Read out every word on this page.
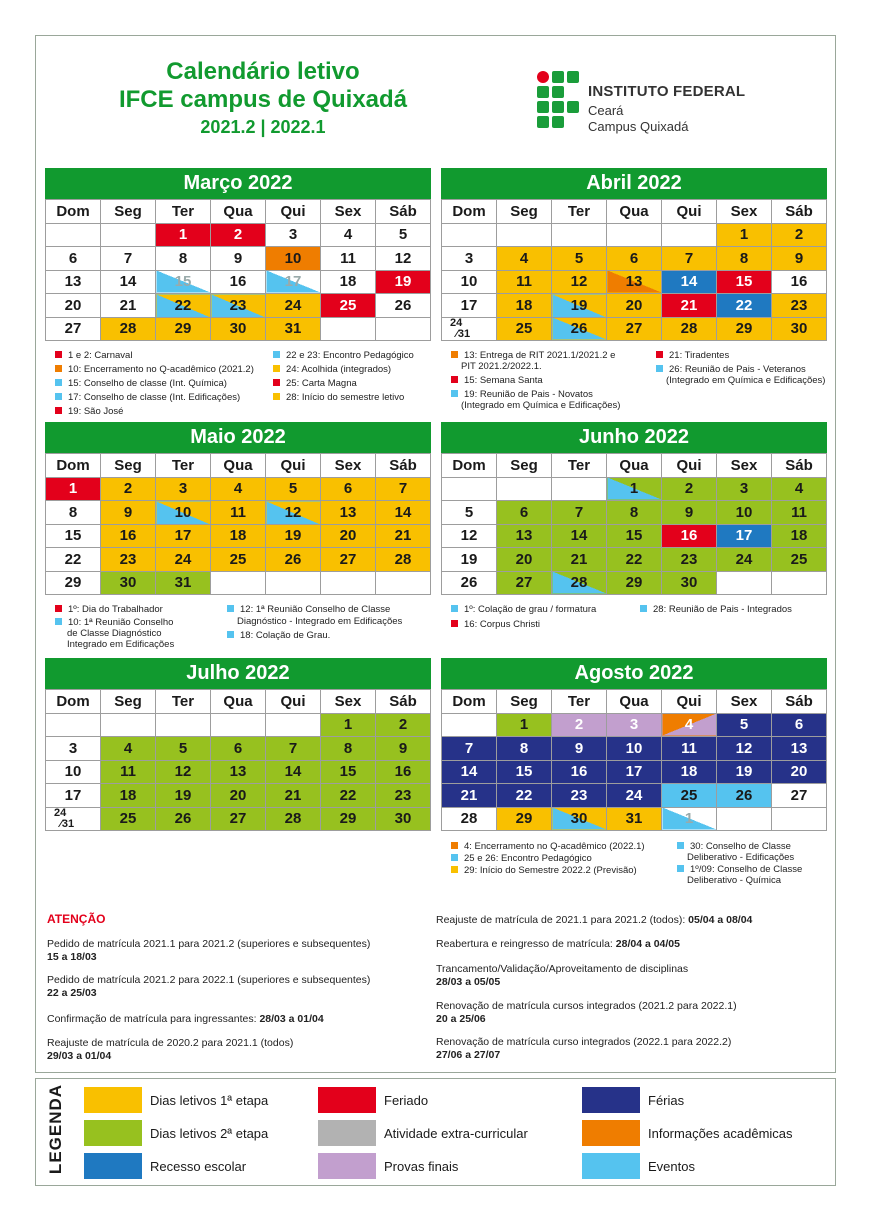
Calendário letivo
IFCE campus de Quixadá
2021.2 | 2022.1
INSTITUTO FEDERAL
Ceará
Campus Quixadá
Março 2022
Dom	Seg	Ter	Qua	Qui	Sex	Sáb
		1	2	3	4	5
6	7	8	9	10	11	12
13	14	15	16	17	18	19
20	21	22	23	24	25	26
27	28	29	30	31		
Abril 2022
Dom	Seg	Ter	Qua	Qui	Sex	Sáb
					1	2
3	4	5	6	7	8	9
10	11	12	13	14	15	16
17	18	19	20	21	22	23

24
⁄31	25	26	27	28	29	30
Maio 2022
Dom	Seg	Ter	Qua	Qui	Sex	Sáb
1	2	3	4	5	6	7
8	9	10	11	12	13	14
15	16	17	18	19	20	21
22	23	24	25	26	27	28
29	30	31				
Junho 2022
Dom	Seg	Ter	Qua	Qui	Sex	Sáb
			1	2	3	4
5	6	7	8	9	10	11
12	13	14	15	16	17	18
19	20	21	22	23	24	25
26	27	28	29	30		
Julho 2022
Dom	Seg	Ter	Qua	Qui	Sex	Sáb
					1	2
3	4	5	6	7	8	9
10	11	12	13	14	15	16
17	18	19	20	21	22	23

24
⁄31	25	26	27	28	29	30
Agosto 2022
Dom	Seg	Ter	Qua	Qui	Sex	Sáb
	1	2	3	4	5	6
7	8	9	10	11	12	13
14	15	16	17	18	19	20
21	22	23	24	25	26	27
28	29	30	31	1		
1 e 2: Carnaval
10: Encerramento no Q-acadêmico (2021.2)
15: Conselho de classe (Int. Química)
17: Conselho de classe (Int. Edificações)
19: São José
22 e 23: Encontro Pedagógico
24: Acolhida (integrados)
25: Carta Magna
28: Início do semestre letivo
13: Entrega de RIT 2021.1/2021.2 e
PIT 2021.2/2022.1.
15: Semana Santa
19: Reunião de Pais - Novatos
(Integrado em Química e Edificações)
21: Tiradentes
26: Reunião de Pais - Veteranos
(Integrado em Química e Edificações)
1º: Dia do Trabalhador
10: 1ª Reunião Conselho
de Classe Diagnóstico
Integrado em Edificações
12: 1ª Reunião Conselho de Classe
Diagnóstico - Integrado em Edificações
18: Colação de Grau.
1º: Colação de grau / formatura
16: Corpus Christi
28: Reunião de Pais - Integrados
4: Encerramento no Q-acadêmico (2022.1)
25 e 26: Encontro Pedagógico
29: Início do Semestre 2022.2 (Previsão)
30: Conselho de Classe
Deliberativo - Edificações
1º/09: Conselho de Classe
Deliberativo - Química
ATENÇÃO
Pedido de matrícula 2021.1 para 2021.2 (superiores e subsequentes)
15 a 18/03
Pedido de matrícula 2021.2 para 2022.1 (superiores e subsequentes)
22 a 25/03
Confirmação de matrícula para ingressantes: 28/03 a 01/04
Reajuste de matrícula de 2020.2 para 2021.1 (todos)
29/03 a 01/04
Reajuste de matrícula de 2021.1 para 2021.2 (todos): 05/04 a 08/04
Reabertura e reingresso de matrícula: 28/04 a 04/05
Trancamento/Validação/Aproveitamento de disciplinas
28/03 a 05/05
Renovação de matrícula cursos integrados (2021.2 para 2022.1)
20 a 25/06
Renovação de matrícula curso integrados (2022.1 para 2022.2)
27/06 a 27/07
LEGENDA	Dias letivos 1ª etapa
Dias letivos 2ª etapa
Recesso escolar
Feriado
Atividade extra-curricular
Provas finais
Férias
Informações acadêmicas
Eventos
